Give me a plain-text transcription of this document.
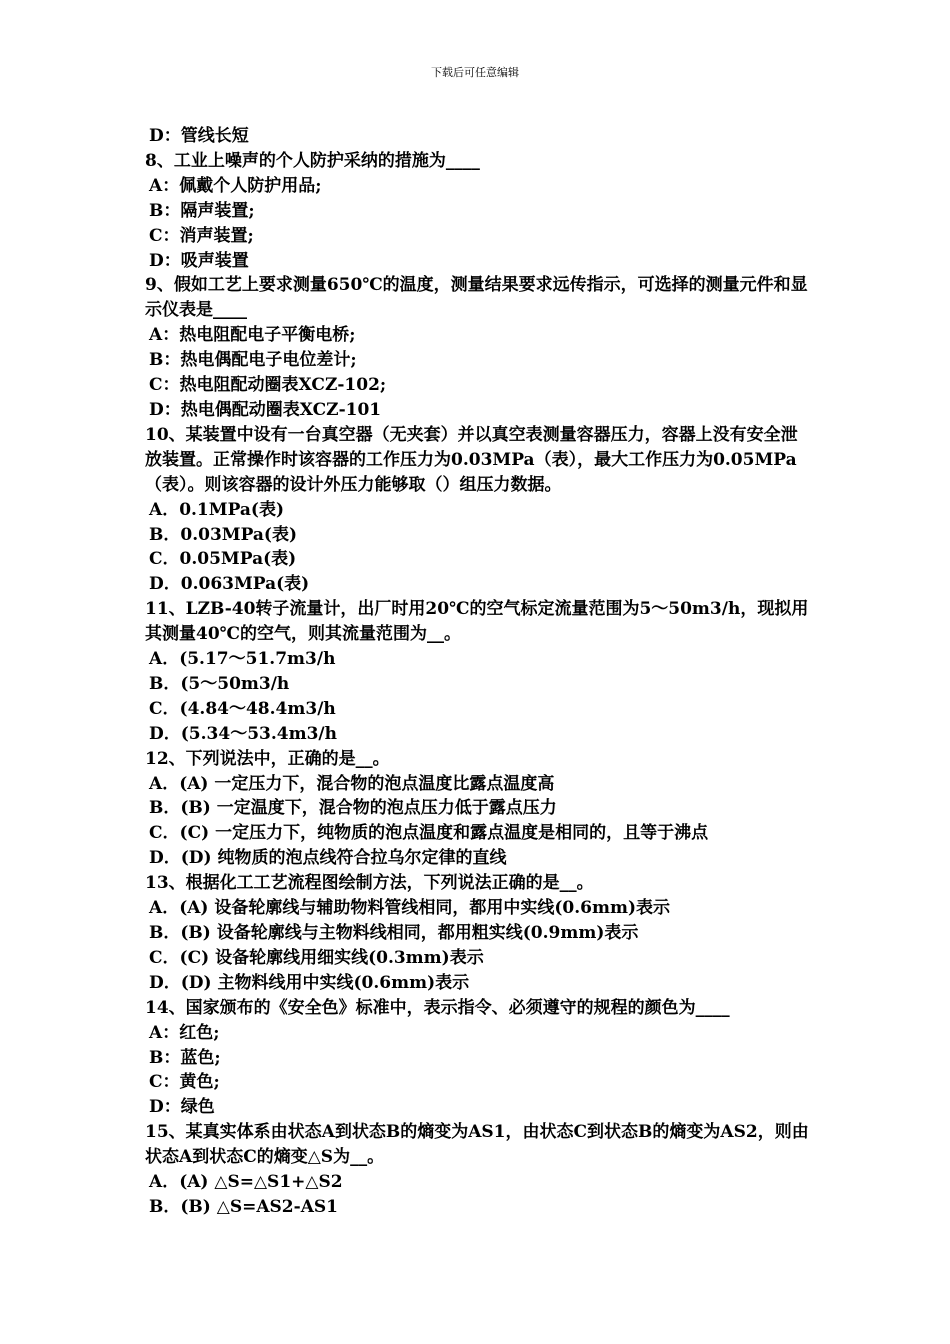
下载后可任意编辑
D：管线长短
8、工业上噪声的个人防护采纳的措施为____
A：佩戴个人防护用品;
B：隔声装置;
C：消声装置;
D：吸声装置
9、假如工艺上要求测量650℃的温度，测量结果要求远传指示，可选择的测量元件和显示仪表是____
A：热电阻配电子平衡电桥;
B：热电偶配电子电位差计;
C：热电阻配动圈表XCZ-102;
D：热电偶配动圈表XCZ-101
10、某装置中设有一台真空器（无夹套）并以真空表测量容器压力，容器上没有安全泄放装置。正常操作时该容器的工作压力为0.03MPa（表），最大工作压力为0.05MPa（表）。则该容器的设计外压力能够取（）组压力数据。
A．0.1MPa(表)
B．0.03MPa(表)
C．0.05MPa(表)
D．0.063MPa(表)
11、LZB-40转子流量计，出厂时用20℃的空气标定流量范围为5～50m3/h，现拟用其测量40℃的空气，则其流量范围为__。
A．(5.17～51.7m3/h
B．(5～50m3/h
C．(4.84～48.4m3/h
D．(5.34～53.4m3/h
12、下列说法中，正确的是__。
A．(A) 一定压力下，混合物的泡点温度比露点温度高
B．(B) 一定温度下，混合物的泡点压力低于露点压力
C．(C) 一定压力下，纯物质的泡点温度和露点温度是相同的，且等于沸点
D．(D) 纯物质的泡点线符合拉乌尔定律的直线
13、根据化工工艺流程图绘制方法，下列说法正确的是__。
A．(A) 设备轮廓线与辅助物料管线相同，都用中实线(0.6mm)表示
B．(B) 设备轮廓线与主物料线相同，都用粗实线(0.9mm)表示
C．(C) 设备轮廓线用细实线(0.3mm)表示
D．(D) 主物料线用中实线(0.6mm)表示
14、国家颁布的《安全色》标准中，表示指令、必须遵守的规程的颜色为____
A：红色;
B：蓝色;
C：黄色;
D：绿色
15、某真实体系由状态A到状态B的熵变为AS1，由状态C到状态B的熵变为AS2，则由状态A到状态C的熵变△S为__。
A．(A) △S=△S1+△S2
B．(B) △S=AS2-AS1
